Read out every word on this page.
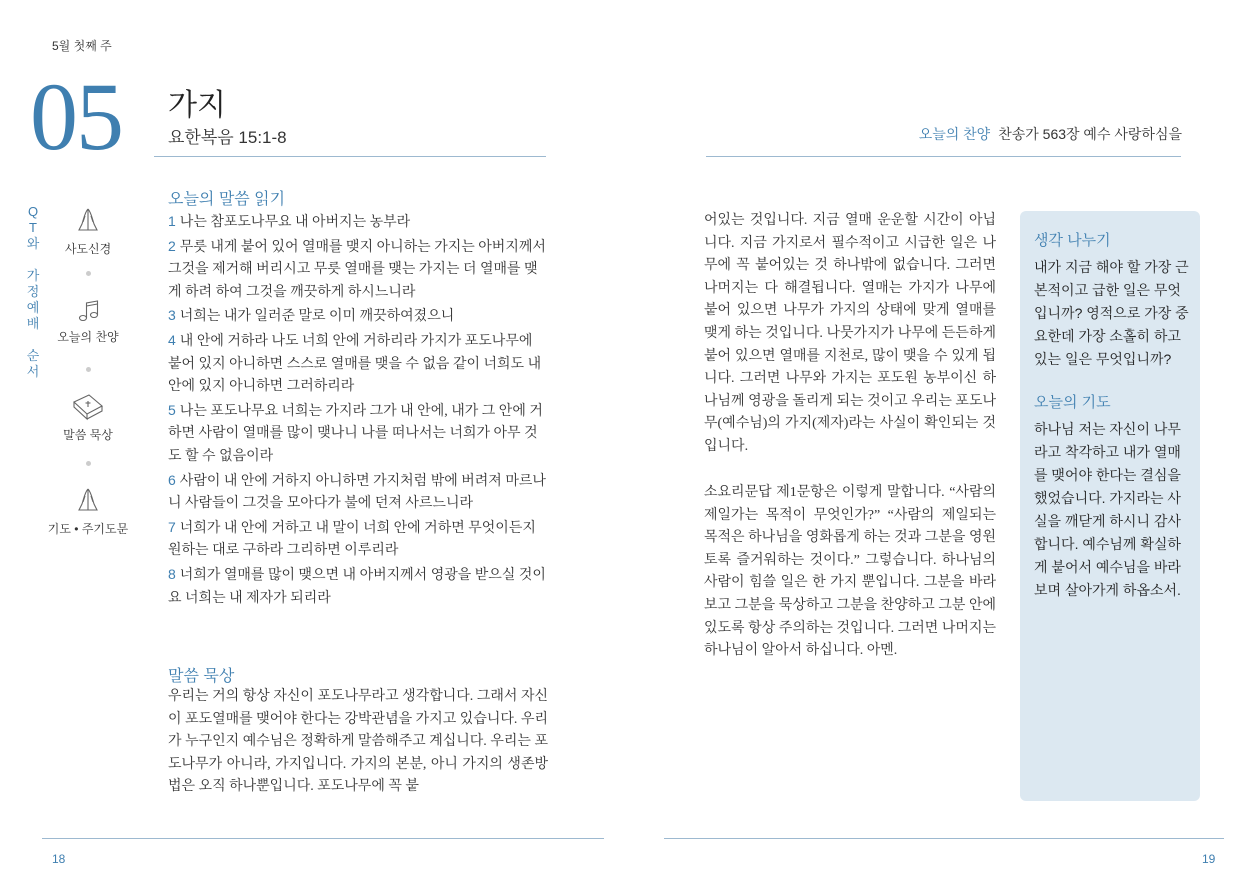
5월 첫째 주
05 가지
요한복음 15:1-8	오늘의 찬양 찬송가 563장 예수 사랑하심을
Q
T
와
가
정
예
배
순
서
사도신경
오늘의 찬양
말씀 묵상
기도 • 주기도문
오늘의 말씀 읽기
1 나는 참포도나무요 내 아버지는 농부라
2 무릇 내게 붙어 있어 열매를 맺지 아니하는 가지는 아버지께서 그것을 제거해 버리시고 무릇 열매를 맺는 가지는 더 열매를 맺게 하려 하여 그것을 깨끗하게 하시느니라
3 너희는 내가 일러준 말로 이미 깨끗하여졌으니
4 내 안에 거하라 나도 너희 안에 거하리라 가지가 포도나무에 붙어 있지 아니하면 스스로 열매를 맺을 수 없음 같이 너희도 내 안에 있지 아니하면 그러하리라
5 나는 포도나무요 너희는 가지라 그가 내 안에, 내가 그 안에 거하면 사람이 열매를 많이 맺나니 나를 떠나서는 너희가 아무 것도 할 수 없음이라
6 사람이 내 안에 거하지 아니하면 가지처럼 밖에 버려져 마르나니 사람들이 그것을 모아다가 불에 던져 사르느니라
7 너희가 내 안에 거하고 내 말이 너희 안에 거하면 무엇이든지 원하는 대로 구하라 그리하면 이루리라
8 너희가 열매를 많이 맺으면 내 아버지께서 영광을 받으실 것이요 너희는 내 제자가 되리라
말씀 묵상
우리는 거의 항상 자신이 포도나무라고 생각합니다. 그래서 자신이 포도열매를 맺어야 한다는 강박관념을 가지고 있습니다. 우리가 누구인지 예수님은 정확하게 말씀해주고 계십니다. 우리는 포도나무가 아니라, 가지입니다. 가지의 본분, 아니 가지의 생존방법은 오직 하나뿐입니다. 포도나무에 꼭 붙
어있는 것입니다. 지금 열매 운운할 시간이 아닙니다. 지금 가지로서 필수적이고 시급한 일은 나무에 꼭 붙어있는 것 하나밖에 없습니다. 그러면 나머지는 다 해결됩니다. 열매는 가지가 나무에 붙어 있으면 나무가 가지의 상태에 맞게 열매를 맺게 하는 것입니다. 나뭇가지가 나무에 든든하게 붙어 있으면 열매를 지천로, 많이 맺을 수 있게 됩니다. 그러면 나무와 가지는 포도원 농부이신 하나님께 영광을 돌리게 되는 것이고 우리는 포도나무(예수님)의 가지(제자)라는 사실이 확인되는 것입니다.
소요리문답 제1문항은 이렇게 말합니다. “사람의 제일가는 목적이 무엇인가?” “사람의 제일되는 목적은 하나님을 영화롭게 하는 것과 그분을 영원토록 즐거워하는 것이다.” 그렇습니다. 하나님의 사람이 힘쓸 일은 한 가지 뿐입니다. 그분을 바라보고 그분을 묵상하고 그분을 찬양하고 그분 안에 있도록 항상 주의하는 것입니다. 그러면 나머지는 하나님이 알아서 하십니다. 아멘.
생각 나누기
내가 지금 해야 할 가장 근본적이고 급한 일은 무엇입니까? 영적으로 가장 중요한데 가장 소홀히 하고 있는 일은 무엇입니까?
오늘의 기도
하나님 저는 자신이 나무라고 착각하고 내가 열매를 맺어야 한다는 결심을 했었습니다. 가지라는 사실을 깨닫게 하시니 감사합니다. 예수님께 확실하게 붙어서 예수님을 바라보며 살아가게 하옵소서.
18	19
